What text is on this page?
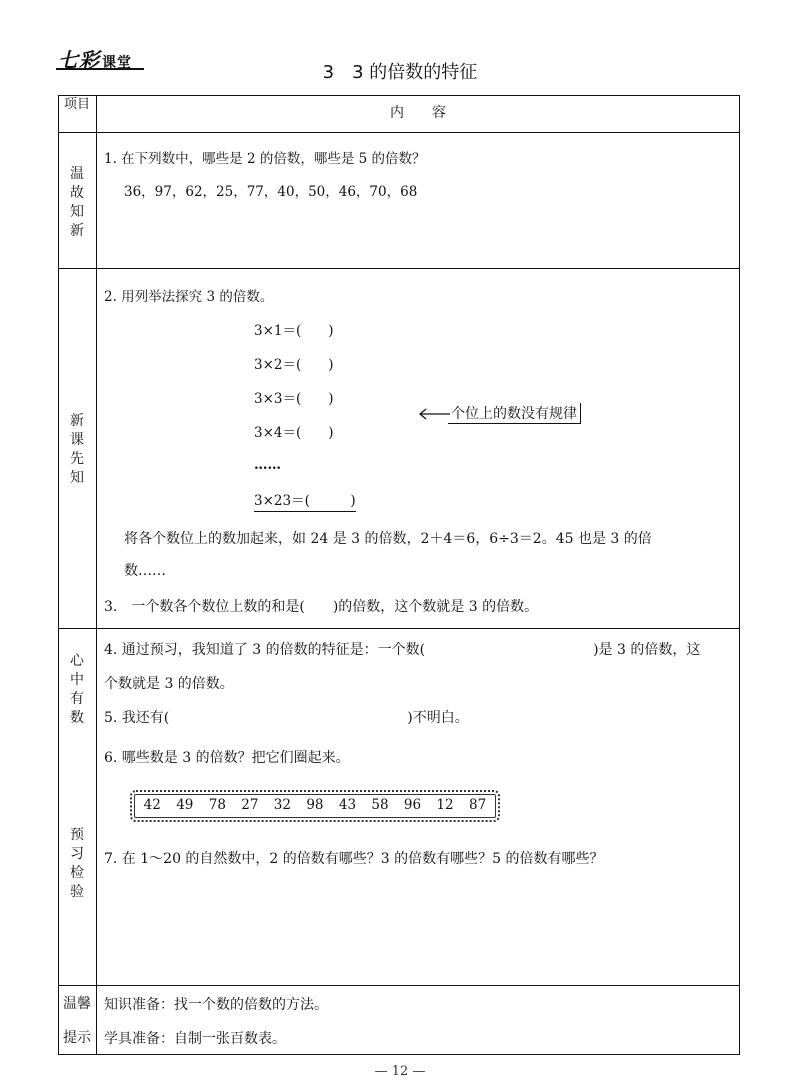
七彩 课堂	3　3 的倍数的特征
项目
内　　容
温故知新
新课先知
心中有数
预习检验
温馨
提示
1. 在下列数中，哪些是 2 的倍数，哪些是 5 的倍数？
36，97，62，25，77，40，50，46，70，68
2. 用列举法探究 3 的倍数。
3×1＝(　　)
3×2＝(　　)
3×3＝(　　)
3×4＝(　　)
……
3×23＝(　　　)
个位上的数没有规律
将各个数位上的数加起来，如 24 是 3 的倍数，2＋4＝6，6÷3＝2。45 也是 3 的倍
数……
3.　一个数各个数位上数的和是(　　)的倍数，这个数就是 3 的倍数。
4. 通过预习，我知道了 3 的倍数的特征是：一个数(　　　　　　　　　　　　)是 3 的倍数，这
个数就是 3 的倍数。
5. 我还有(　　　　　　　　　　　　　　　　　)不明白。
6. 哪些数是 3 的倍数？把它们圈起来。
42 49 78 27 32 98 43 58 96 12 87
7. 在 1～20 的自然数中，2 的倍数有哪些？3 的倍数有哪些？5 的倍数有哪些？
知识准备：找一个数的倍数的方法。
学具准备：自制一张百数表。
— 12 —
